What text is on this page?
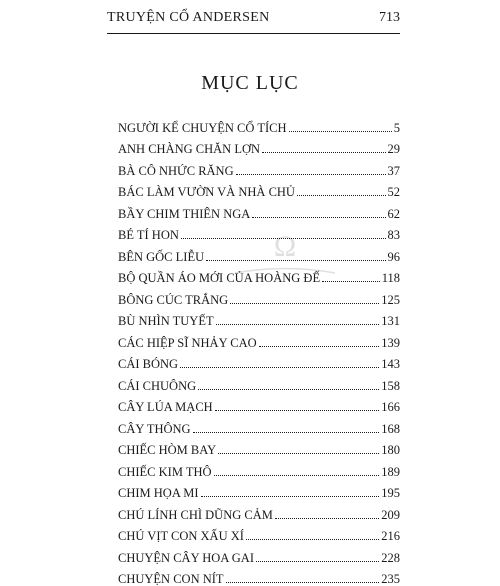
TRUYỆN CỔ ANDERSEN	713
MỤC LỤC
NGƯỜI KỂ CHUYỆN CỔ TÍCH	5
ANH CHÀNG CHĂN LỢN	29
BÀ CÔ NHỨC RĂNG	37
BÁC LÀM VƯỜN VÀ NHÀ CHỦ	52
BẦY CHIM THIÊN NGA	62
BÉ TÍ HON	83
BÊN GỐC LIỄU	96
BỘ QUẦN ÁO MỚI CỦA HOÀNG ĐẾ	118
BÔNG CÚC TRẮNG	125
BÙ NHÌN TUYẾT	131
CÁC HIỆP SĨ NHẢY CAO	139
CÁI BÓNG	143
CÁI CHUÔNG	158
CÂY LÚA MẠCH	166
CÂY THÔNG	168
CHIẾC HÒM BAY	180
CHIẾC KIM THÔ	189
CHIM HỌA MI	195
CHÚ LÍNH CHÌ DŨNG CẢM	209
CHÚ VỊT CON XẤU XÍ	216
CHUYỆN CÂY HOA GAI	228
CHUYỆN CON NÍT	235
Ω
